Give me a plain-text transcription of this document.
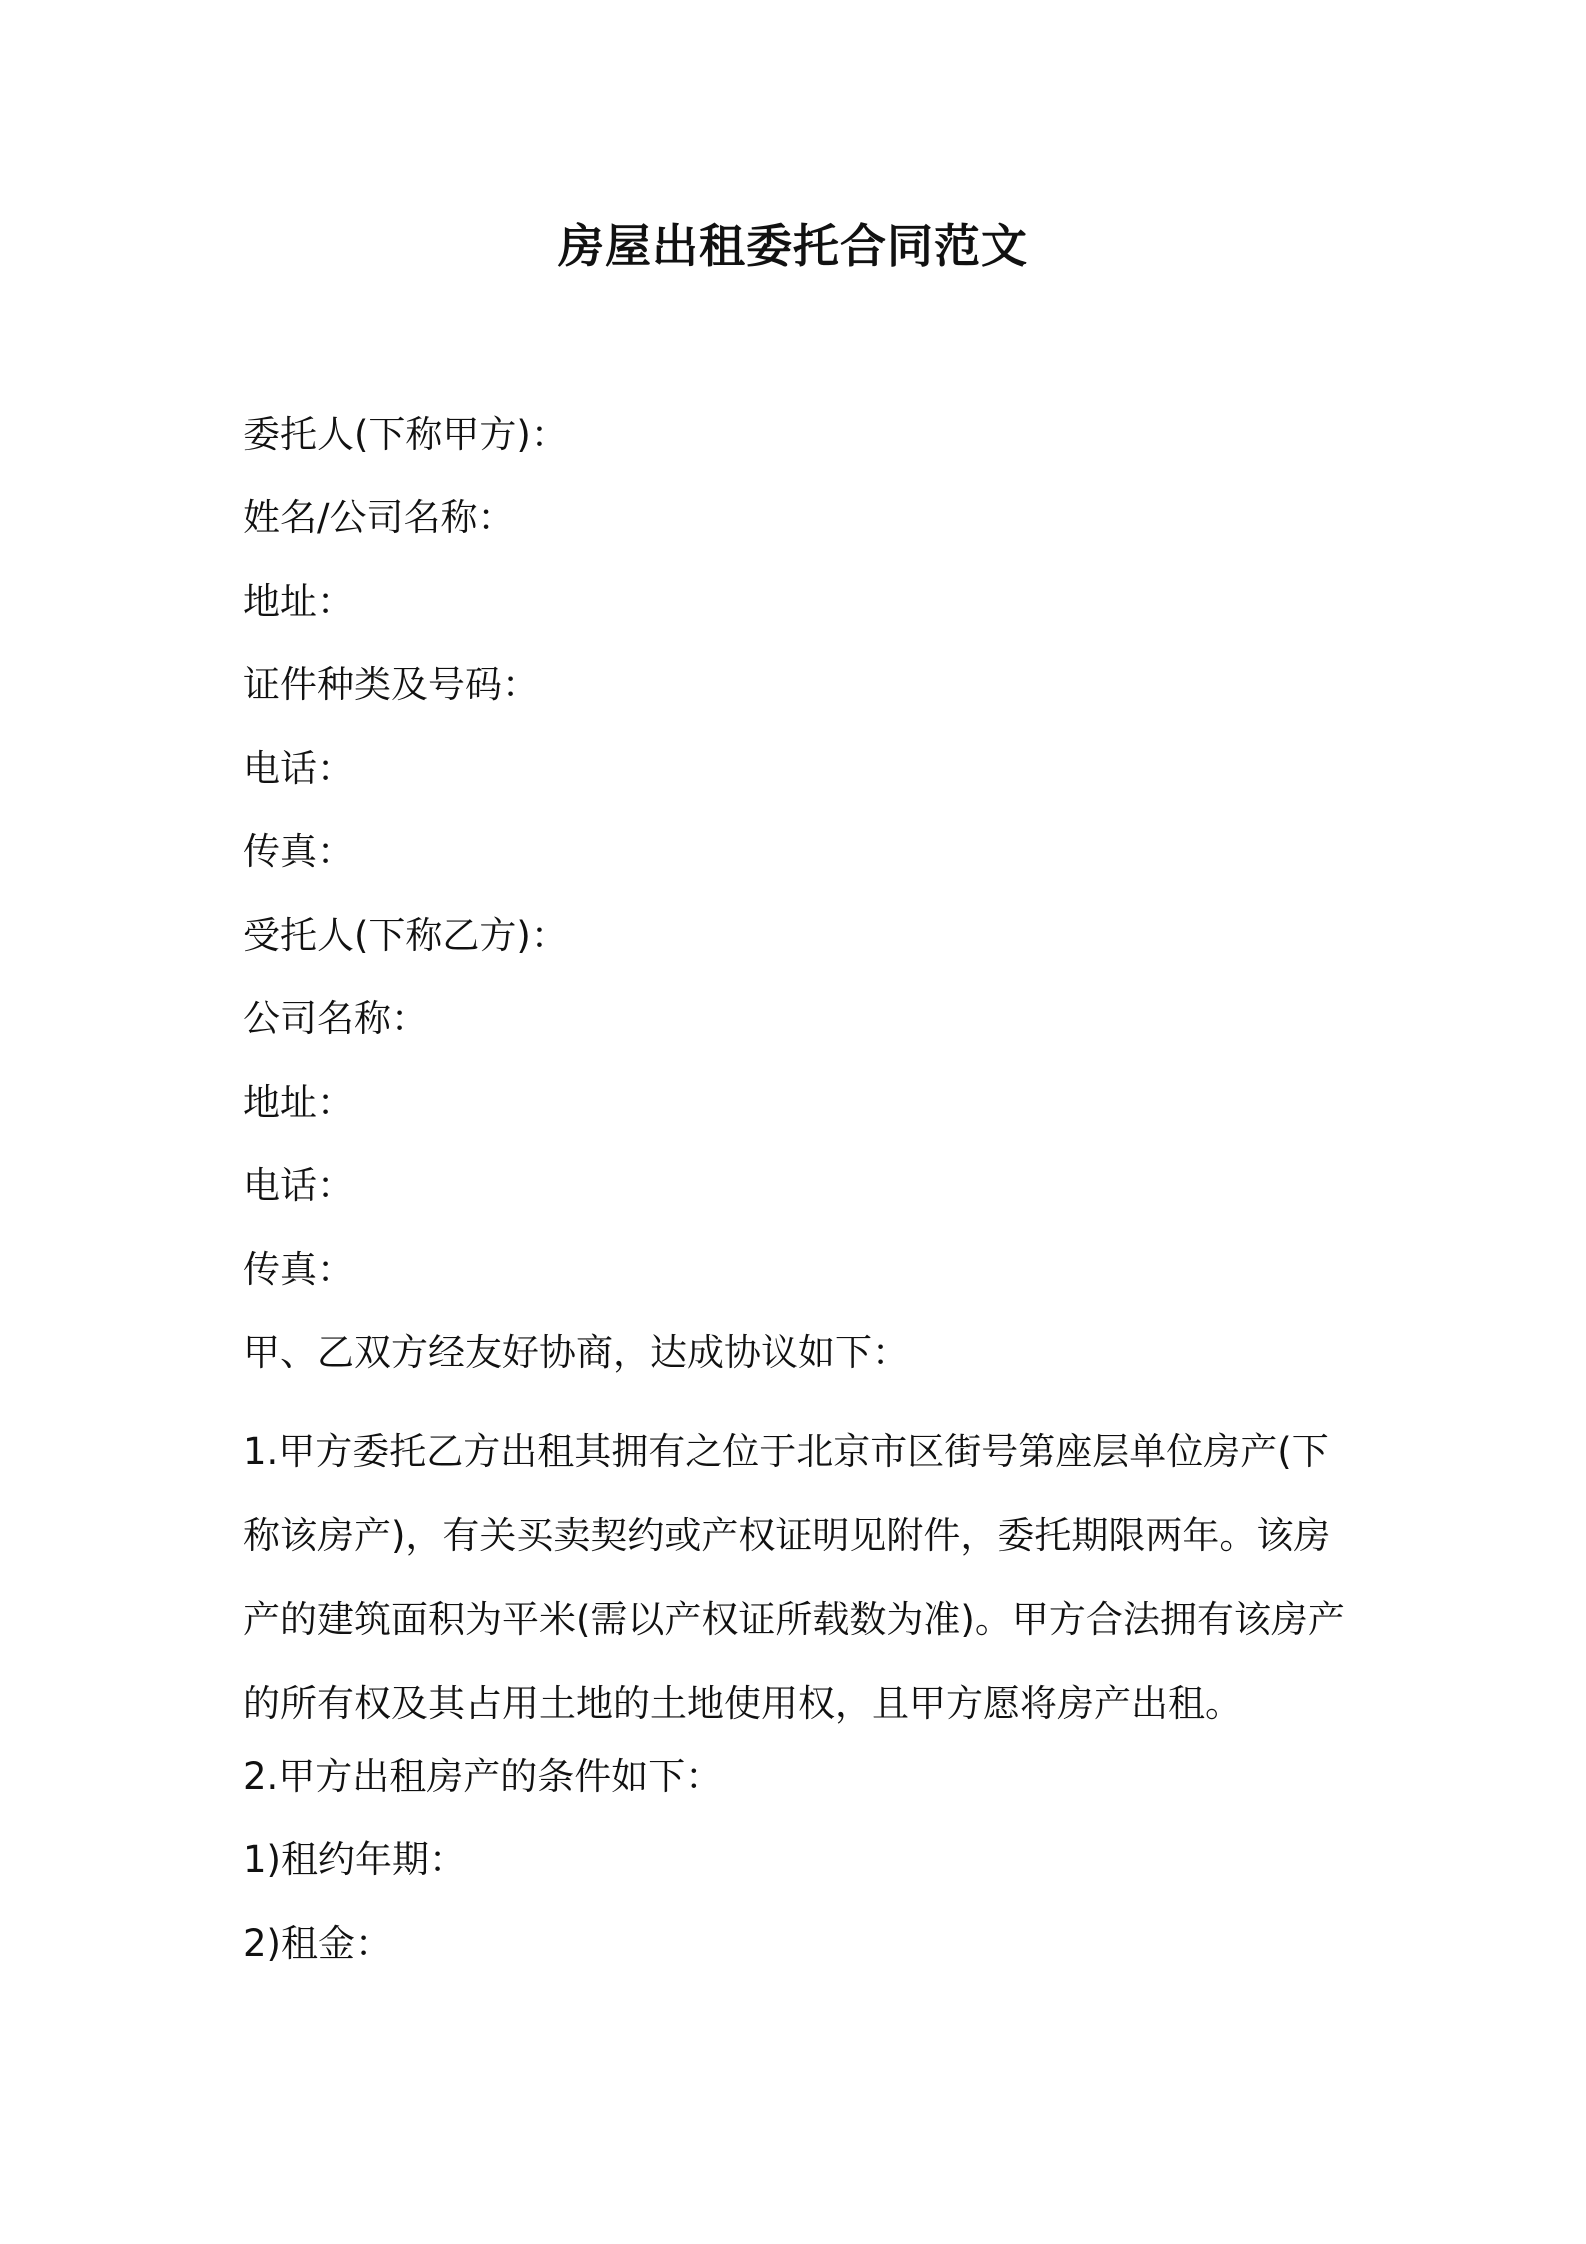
房屋出租委托合同范文
委托人(下称甲方)：
姓名/公司名称：
地址：
证件种类及号码：
电话：
传真：
受托人(下称乙方)：
公司名称：
地址：
电话：
传真：
甲、乙双方经友好协商，达成协议如下：
1.甲方委托乙方出租其拥有之位于北京市区街号第座层单位房产(下称该房产)，有关买卖契约或产权证明见附件，委托期限两年。该房产的建筑面积为平米(需以产权证所载数为准)。甲方合法拥有该房产的所有权及其占用土地的土地使用权，且甲方愿将房产出租。
2.甲方出租房产的条件如下：
1)租约年期：
2)租金：
